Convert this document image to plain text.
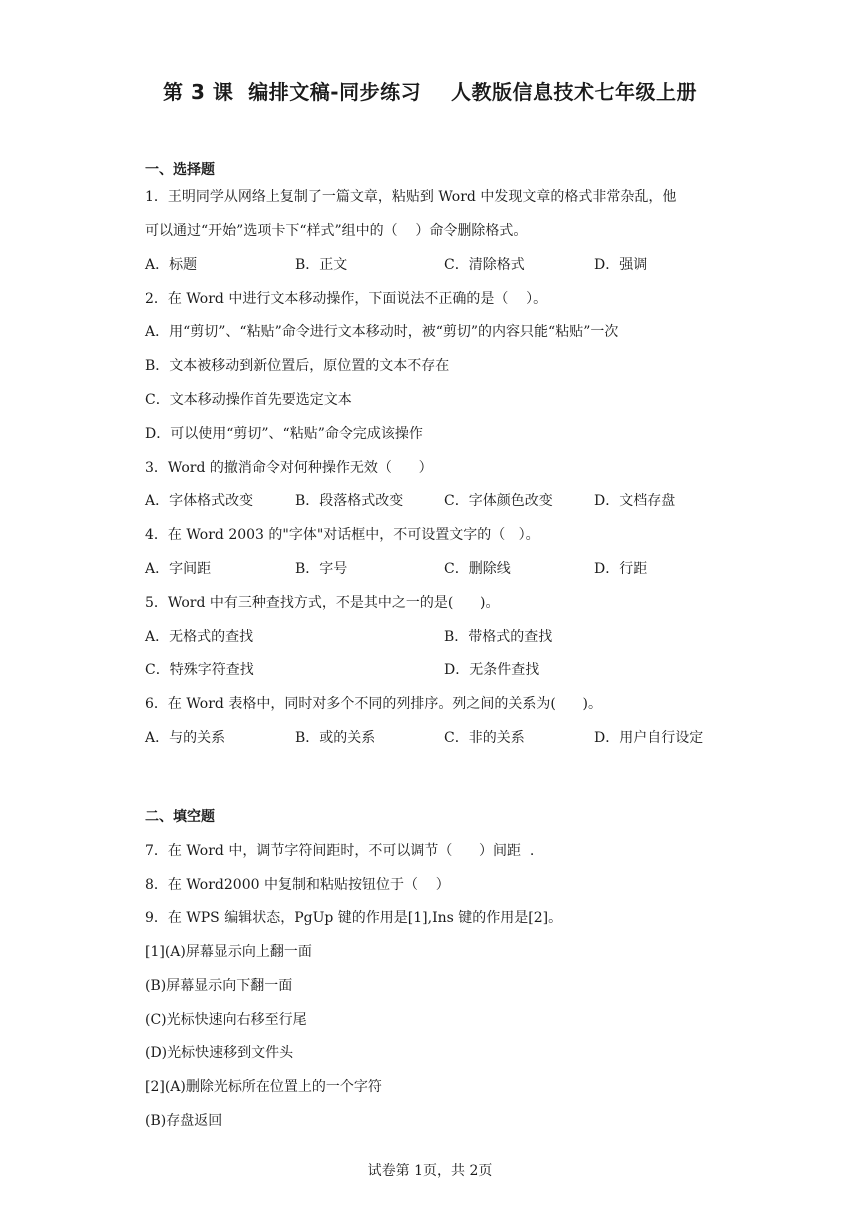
第 3 课  编排文稿-同步练习    人教版信息技术七年级上册
一、选择题
1．王明同学从网络上复制了一篇文章，粘贴到 Word 中发现文章的格式非常杂乱，他
可以通过“开始”选项卡下“样式”组中的（    ）命令删除格式。
A．标题	B．正文	C．清除格式	D．强调
2．在 Word 中进行文本移动操作，下面说法不正确的是（    ）。
A．用“剪切”、“粘贴”命令进行文本移动时，被“剪切”的内容只能“粘贴”一次
B．文本被移动到新位置后，原位置的文本不存在
C．文本移动操作首先要选定文本
D．可以使用“剪切”、“粘贴”命令完成该操作
3．Word 的撤消命令对何种操作无效（      ）
A．字体格式改变	B．段落格式改变	C．字体颜色改变	D．文档存盘
4．在 Word 2003 的"字体"对话框中，不可设置文字的（   ）。
A．字间距	B．字号	C．删除线	D．行距
5．Word 中有三种查找方式，不是其中之一的是(      )。
A．无格式的查找	B．带格式的查找
C．特殊字符查找	D．无条件查找
6．在 Word 表格中，同时对多个不同的列排序。列之间的关系为(      )。
A．与的关系	B．或的关系	C．非的关系	D．用户自行设定
二、填空题
7．在 Word 中，调节字符间距时，不可以调节（      ）间距  .
8．在 Word2000 中复制和粘贴按钮位于（    ）
9．在 WPS 编辑状态，PgUp 键的作用是[1],Ins 键的作用是[2]。
[1](A)屏幕显示向上翻一面
(B)屏幕显示向下翻一面
(C)光标快速向右移至行尾
(D)光标快速移到文件头
[2](A)删除光标所在位置上的一个字符
(B)存盘返回
试卷第 1页，共 2页
